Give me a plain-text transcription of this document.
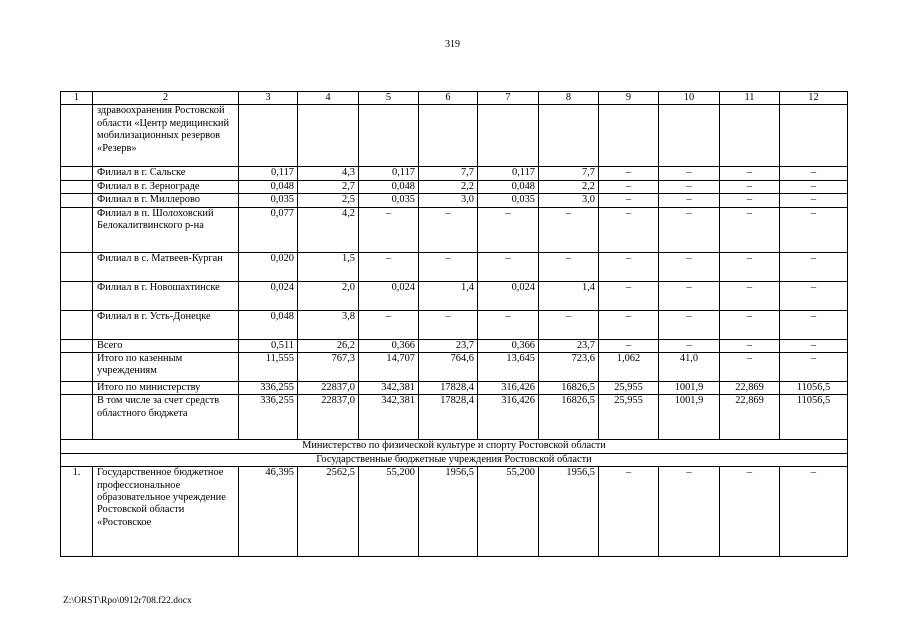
319
1	2	3	4	5	6	7	8	9	10	11	12
	здравоохранения Ростовской области «Центр медицинский мобилизационных резервов «Резерв»										
	Филиал в г. Сальске	0,117	4,3	0,117	7,7	0,117	7,7	–	–	–	–
	Филиал в г. Зернограде	0,048	2,7	0,048	2,2	0,048	2,2	–	–	–	–
	Филиал в г. Миллерово	0,035	2,5	0,035	3,0	0,035	3,0	–	–	–	–
	Филиал в п. Шолоховский Белокалитвинского р-на	0,077	4,2	–	–	–	–	–	–	–	–
	Филиал в с. Матвеев-Курган	0,020	1,5	–	–	–	–	–	–	–	–
	Филиал в г. Новошахтинске	0,024	2,0	0,024	1,4	0,024	1,4	–	–	–	–
	Филиал в г. Усть-Донецке	0,048	3,8	–	–	–	–	–	–	–	–
	Всего	0,511	26,2	0,366	23,7	0,366	23,7	–	–	–	–
	Итого по казенным учреждениям	11,555	767,3	14,707	764,6	13,645	723,6	1,062	41,0	–	–
	Итого по министерству	336,255	22837,0	342,381	17828,4	316,426	16826,5	25,955	1001,9	22,869	11056,5
	В том числе за счет средств областного бюджета	336,255	22837,0	342,381	17828,4	316,426	16826,5	25,955	1001,9	22,869	11056,5
Министерство по физической культуре и спорту Ростовской области											
Государственные бюджетные учреждения Ростовской области											
1.	Государственное бюджетное профессиональное образовательное учреждение Ростовской области «Ростовское	46,395	2562,5	55,200	1956,5	55,200	1956,5	–	–	–	–
Z:\ORST\Rpo\0912r708.f22.docx
